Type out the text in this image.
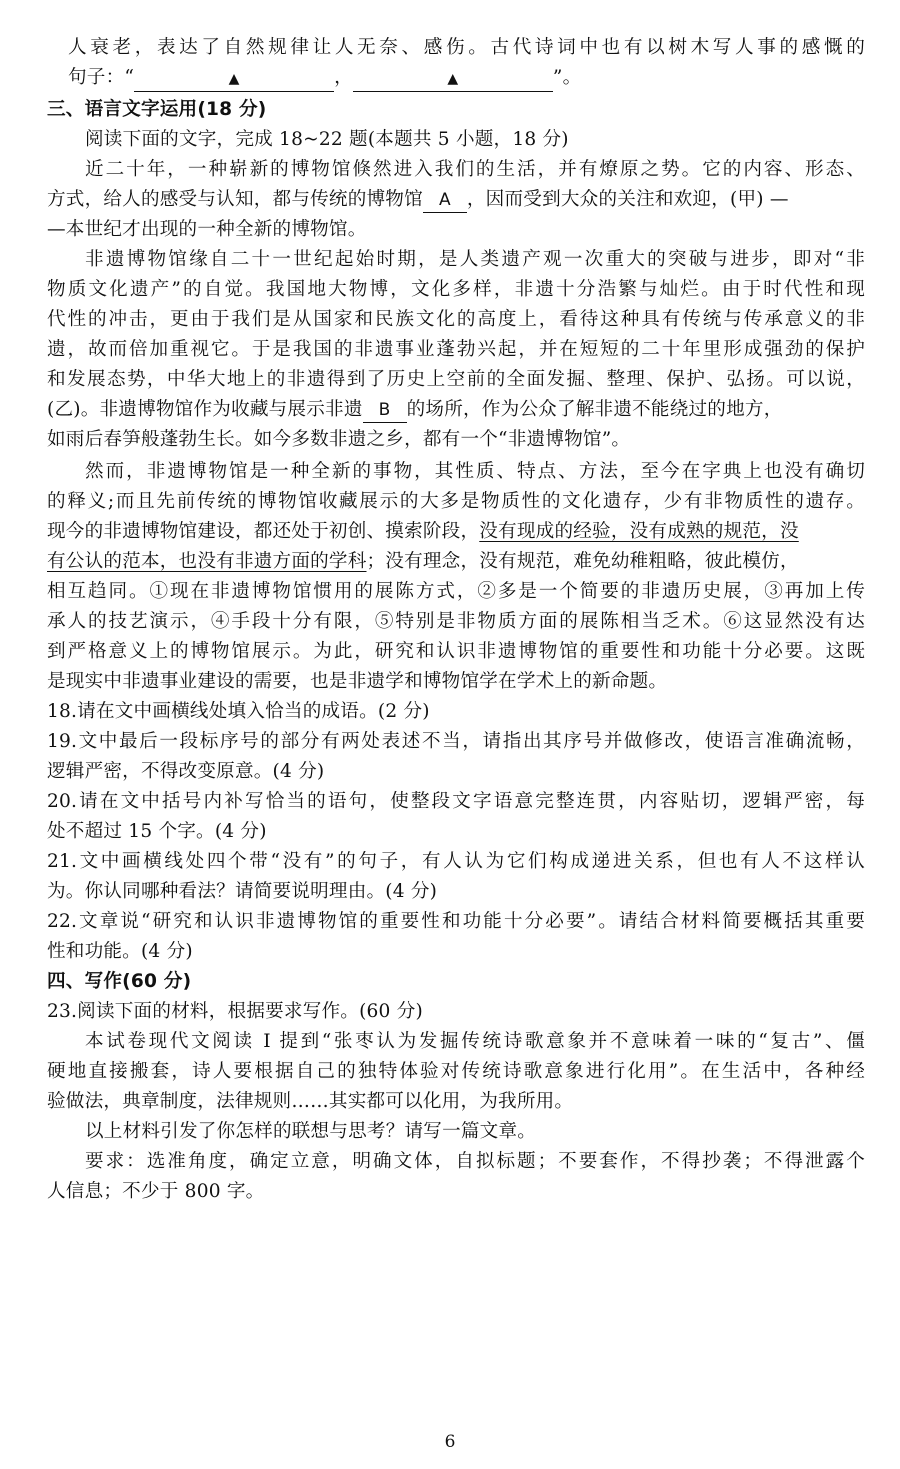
人衰老，表达了自然规律让人无奈、感伤。古代诗词中也有以树木写人事的感慨的
句子：“	▲	，	▲	”。
三、语言文字运用(18 分)
阅读下面的文字，完成 18~22 题(本题共 5 小题，18 分)
近二十年，一种崭新的博物馆倏然进入我们的生活，并有燎原之势。它的内容、形态、
方式，给人的感受与认知，都与传统的博物馆 A ，因而受到大众的关注和欢迎，(甲) —
—本世纪才出现的一种全新的博物馆。
非遗博物馆缘自二十一世纪起始时期，是人类遗产观一次重大的突破与进步，即对“非
物质文化遗产”的自觉。我国地大物博，文化多样，非遗十分浩繁与灿烂。由于时代性和现
代性的冲击，更由于我们是从国家和民族文化的高度上，看待这种具有传统与传承意义的非
遗，故而倍加重视它。于是我国的非遗事业蓬勃兴起，并在短短的二十年里形成强劲的保护
和发展态势，中华大地上的非遗得到了历史上空前的全面发掘、整理、保护、弘扬。可以说，
(乙)。非遗博物馆作为收藏与展示非遗 B 的场所，作为公众了解非遗不能绕过的地方，
如雨后春笋般蓬勃生长。如今多数非遗之乡，都有一个“非遗博物馆”。
然而，非遗博物馆是一种全新的事物，其性质、特点、方法，至今在字典上也没有确切
的释义;而且先前传统的博物馆收藏展示的大多是物质性的文化遗存，少有非物质性的遗存。
现今的非遗博物馆建设，都还处于初创、摸索阶段，没有现成的经验，没有成熟的规范，没
有公认的范本，也没有非遗方面的学科；没有理念，没有规范，难免幼稚粗略，彼此模仿，
相互趋同。①现在非遗博物馆惯用的展陈方式，②多是一个简要的非遗历史展，③再加上传
承人的技艺演示，④手段十分有限，⑤特别是非物质方面的展陈相当乏术。⑥这显然没有达
到严格意义上的博物馆展示。为此，研究和认识非遗博物馆的重要性和功能十分必要。这既
是现实中非遗事业建设的需要，也是非遗学和博物馆学在学术上的新命题。
18.请在文中画横线处填入恰当的成语。(2 分)
19.文中最后一段标序号的部分有两处表述不当，请指出其序号并做修改，使语言准确流畅，
逻辑严密，不得改变原意。(4 分)
20.请在文中括号内补写恰当的语句，使整段文字语意完整连贯，内容贴切，逻辑严密，每
处不超过 15 个字。(4 分)
21.文中画横线处四个带“没有”的句子，有人认为它们构成递进关系，但也有人不这样认
为。你认同哪种看法？请简要说明理由。(4 分)
22.文章说“研究和认识非遗博物馆的重要性和功能十分必要”。请结合材料简要概括其重要
性和功能。(4 分)
四、写作(60 分)
23.阅读下面的材料，根据要求写作。(60 分)
本试卷现代文阅读 I 提到“张枣认为发掘传统诗歌意象并不意味着一味的“复古”、僵
硬地直接搬套，诗人要根据自己的独特体验对传统诗歌意象进行化用”。在生活中，各种经
验做法，典章制度，法律规则……其实都可以化用，为我所用。
以上材料引发了你怎样的联想与思考？请写一篇文章。
要求：选准角度，确定立意，明确文体，自拟标题；不要套作，不得抄袭；不得泄露个
人信息；不少于 800 字。
6
